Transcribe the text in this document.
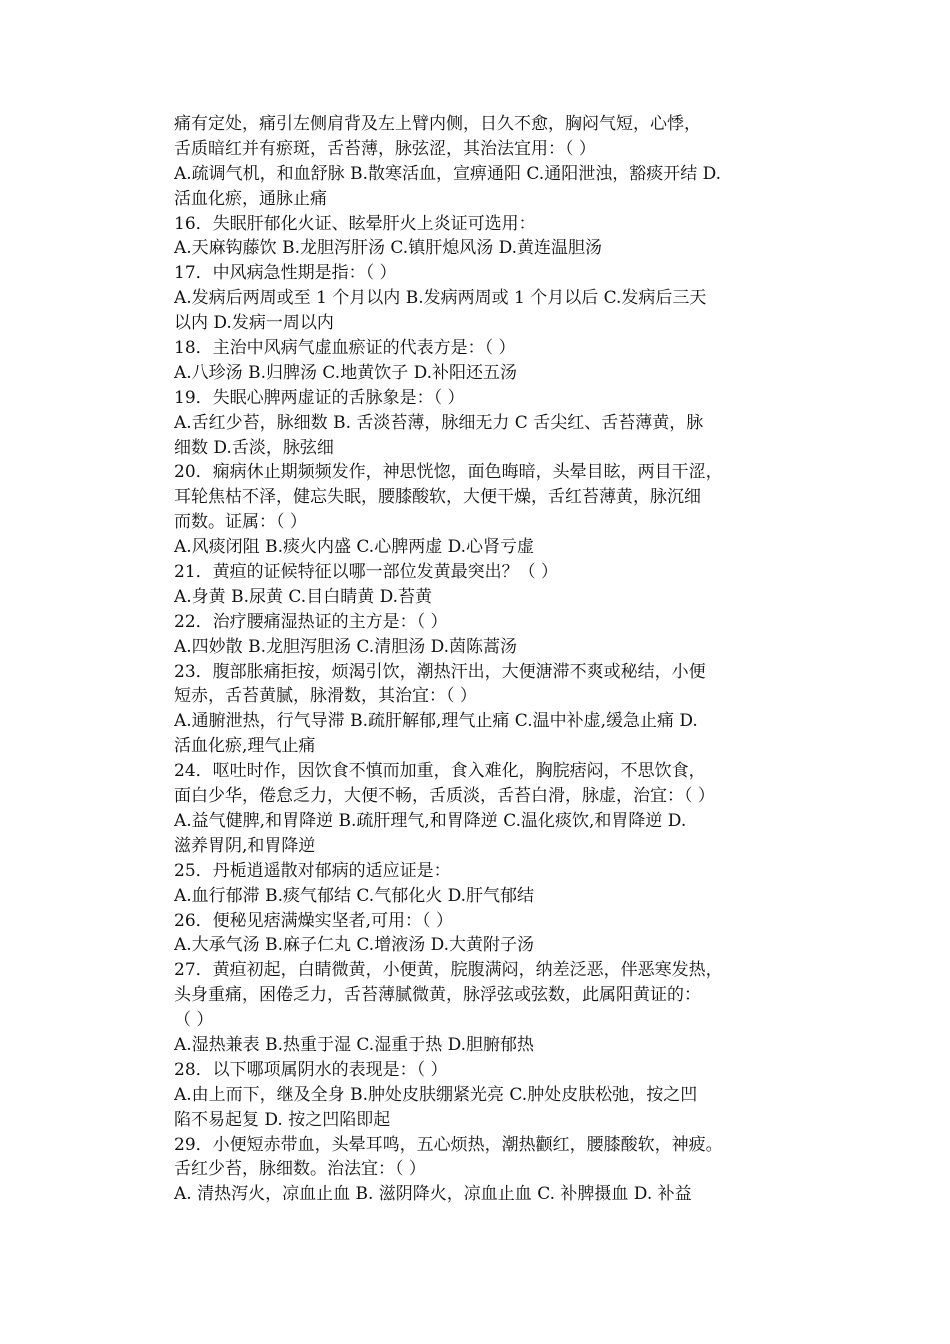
痛有定处，痛引左侧肩背及左上臂内侧，日久不愈，胸闷气短，心悸，
舌质暗红并有瘀斑，舌苔薄，脉弦涩，其治法宜用：（ ）
A.疏调气机，和血舒脉 B.散寒活血，宣痹通阳 C.通阳泄浊，豁痰开结 D.
活血化瘀，通脉止痛
16．失眠肝郁化火证、眩晕肝火上炎证可选用：
A.天麻钩藤饮 B.龙胆泻肝汤 C.镇肝熄风汤 D.黄连温胆汤
17．中风病急性期是指：（ ）
A.发病后两周或至 1 个月以内 B.发病两周或 1 个月以后 C.发病后三天
以内 D.发病一周以内
18．主治中风病气虚血瘀证的代表方是：（ ）
A.八珍汤 B.归脾汤 C.地黄饮子 D.补阳还五汤
19．失眠心脾两虚证的舌脉象是：（ ）
A.舌红少苔，脉细数 B. 舌淡苔薄，脉细无力 C 舌尖红、舌苔薄黄，脉
细数 D.舌淡，脉弦细
20．痫病休止期频频发作，神思恍惚，面色晦暗，头晕目眩，两目干涩，
耳轮焦枯不泽，健忘失眠，腰膝酸软，大便干燥，舌红苔薄黄，脉沉细
而数。证属：（ ）
A.风痰闭阻 B.痰火内盛 C.心脾两虚 D.心肾亏虚
21．黄疸的证候特征以哪一部位发黄最突出？（ ）
A.身黄 B.尿黄 C.目白睛黄 D.苔黄
22．治疗腰痛湿热证的主方是：（ ）
A.四妙散 B.龙胆泻胆汤 C.清胆汤 D.茵陈蒿汤
23．腹部胀痛拒按，烦渴引饮，潮热汗出，大便溏滞不爽或秘结，小便
短赤，舌苔黄腻，脉滑数，其治宜：（ ）
A.通腑泄热，行气导滞 B.疏肝解郁,理气止痛 C.温中补虚,缓急止痛 D.
活血化瘀,理气止痛
24．呕吐时作，因饮食不慎而加重，食入难化，胸脘痞闷，不思饮食，
面白少华，倦怠乏力，大便不畅，舌质淡，舌苔白滑，脉虚，治宜：（ ）
A.益气健脾,和胃降逆 B.疏肝理气,和胃降逆 C.温化痰饮,和胃降逆 D.
滋养胃阴,和胃降逆
25．丹栀逍遥散对郁病的适应证是：
A.血行郁滞 B.痰气郁结 C.气郁化火 D.肝气郁结
26．便秘见痞满燥实坚者,可用：（ ）
A.大承气汤 B.麻子仁丸 C.增液汤 D.大黄附子汤
27．黄疸初起，白睛微黄，小便黄，脘腹满闷，纳差泛恶，伴恶寒发热，
头身重痛，困倦乏力，舌苔薄腻微黄，脉浮弦或弦数，此属阳黄证的：
（ ）
A.湿热兼表 B.热重于湿 C.湿重于热 D.胆腑郁热
28．以下哪项属阴水的表现是：（ ）
A.由上而下，继及全身 B.肿处皮肤绷紧光亮 C.肿处皮肤松弛，按之凹
陷不易起复 D. 按之凹陷即起
29．小便短赤带血，头晕耳鸣，五心烦热，潮热颧红，腰膝酸软，神疲。
舌红少苔，脉细数。治法宜：（ ）
A. 清热泻火，凉血止血 B. 滋阴降火，凉血止血 C. 补脾摄血 D. 补益
